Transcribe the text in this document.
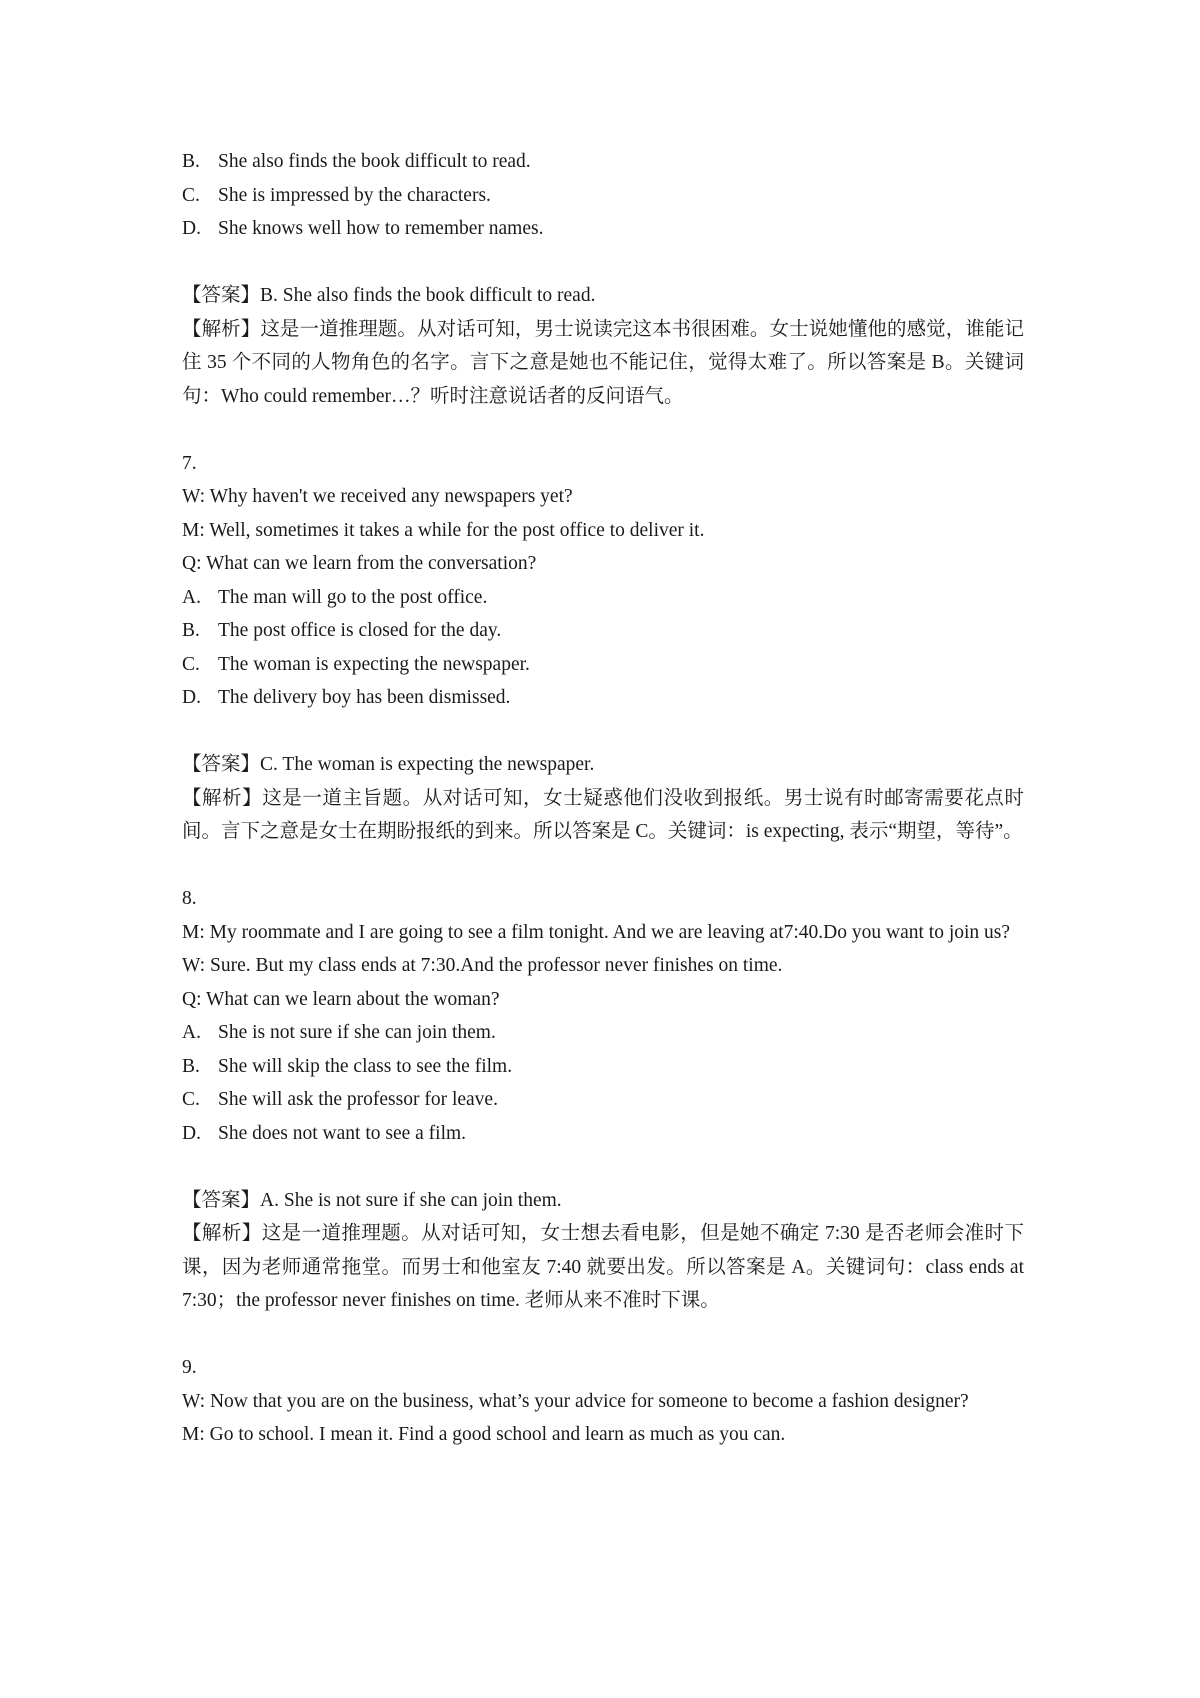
B. She also finds the book difficult to read.

C. She is impressed by the characters.

D. She knows well how to remember names.

【答案】B. She also finds the book difficult to read.

【解析】这是一道推理题。从对话可知，男士说读完这本书很困难。女士说她懂他的感觉，谁能记住 35 个不同的人物角色的名字。言下之意是她也不能记住，觉得太难了。所以答案是 B。关键词句：Who could remember…？听时注意说话者的反问语气。

7.

W: Why haven't we received any newspapers yet?

M: Well, sometimes it takes a while for the post office to deliver it.

Q: What can we learn from the conversation?

A. The man will go to the post office.

B. The post office is closed for the day.

C. The woman is expecting the newspaper.

D. The delivery boy has been dismissed.

【答案】C. The woman is expecting the newspaper.

【解析】这是一道主旨题。从对话可知，女士疑惑他们没收到报纸。男士说有时邮寄需要花点时间。言下之意是女士在期盼报纸的到来。所以答案是 C。关键词：is expecting, 表示“期望，等待”。

8.

M: My roommate and I are going to see a film tonight. And we are leaving at7:40.Do you want to join us?

W: Sure. But my class ends at 7:30.And the professor never finishes on time.

Q: What can we learn about the woman?

A. She is not sure if she can join them.

B. She will skip the class to see the film.

C. She will ask the professor for leave.

D. She does not want to see a film.

【答案】A. She is not sure if she can join them.

【解析】这是一道推理题。从对话可知，女士想去看电影，但是她不确定 7:30 是否老师会准时下课，因为老师通常拖堂。而男士和他室友 7:40 就要出发。所以答案是 A。关键词句：class ends at 7:30；the professor never finishes on time. 老师从来不准时下课。

9.

W: Now that you are on the business, what’s your advice for someone to become a fashion designer?

M: Go to school. I mean it. Find a good school and learn as much as you can.
